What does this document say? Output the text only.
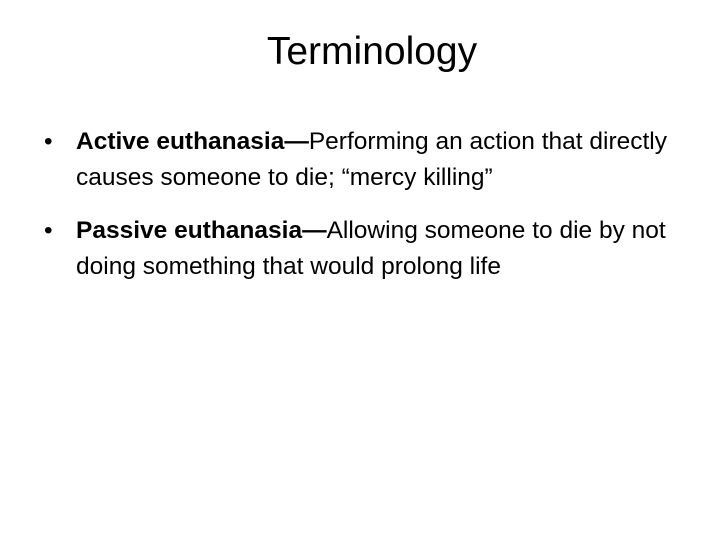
Terminology
• Active euthanasia—Performing an action that directly causes someone to die; “mercy killing”
• Passive euthanasia—Allowing someone to die by not doing something that would prolong life
